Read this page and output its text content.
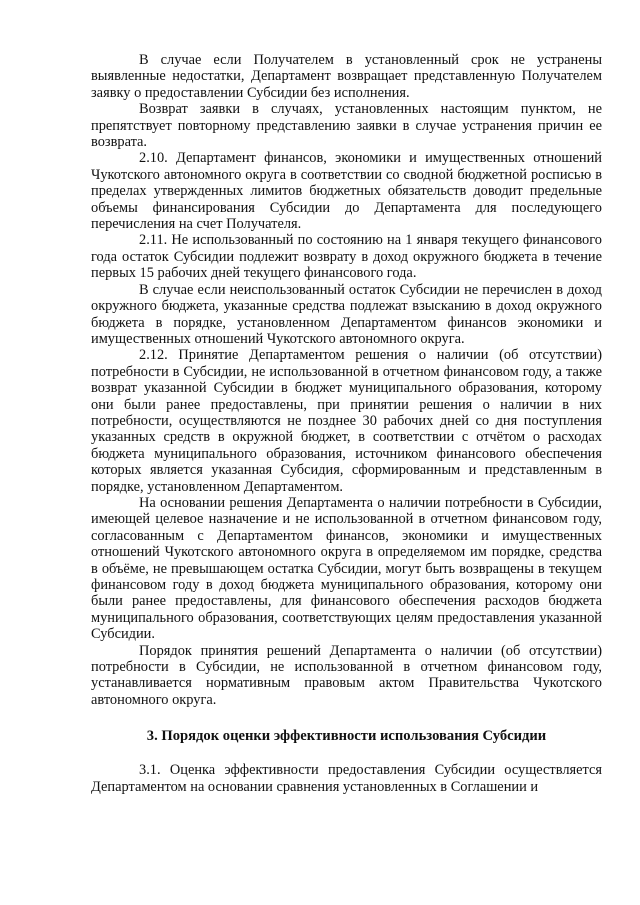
В случае если Получателем в установленный срок не устранены выявленные недостатки, Департамент возвращает представленную Получателем заявку о предоставлении Субсидии без исполнения.

Возврат заявки в случаях, установленных настоящим пунктом, не препятствует повторному представлению заявки в случае устранения причин ее возврата.

2.10. Департамент финансов, экономики и имущественных отношений Чукотского автономного округа в соответствии со сводной бюджетной росписью в пределах утвержденных лимитов бюджетных обязательств доводит предельные объемы финансирования Субсидии до Департамента для последующего перечисления на счет Получателя.

2.11. Не использованный по состоянию на 1 января текущего финансового года остаток Субсидии подлежит возврату в доход окружного бюджета в течение первых 15 рабочих дней текущего финансового года.

В случае если неиспользованный остаток Субсидии не перечислен в доход окружного бюджета, указанные средства подлежат взысканию в доход окружного бюджета в порядке, установленном Департаментом финансов экономики и имущественных отношений Чукотского автономного округа.

2.12. Принятие Департаментом решения о наличии (об отсутствии) потребности в Субсидии, не использованной в отчетном финансовом году, а также возврат указанной Субсидии в бюджет муниципального образования, которому они были ранее предоставлены, при принятии решения о наличии в них потребности, осуществляются не позднее 30 рабочих дней со дня поступления указанных средств в окружной бюджет, в соответствии с отчётом о расходах бюджета муниципального образования, источником финансового обеспечения которых является указанная Субсидия, сформированным и представленным в порядке, установленном Департаментом.

На основании решения Департамента о наличии потребности в Субсидии, имеющей целевое назначение и не использованной в отчетном финансовом году, согласованным с Департаментом финансов, экономики и имущественных отношений Чукотского автономного округа в определяемом им порядке, средства в объёме, не превышающем остатка Субсидии, могут быть возвращены в текущем финансовом году в доход бюджета муниципального образования, которому они были ранее предоставлены, для финансового обеспечения расходов бюджета муниципального образования, соответствующих целям предоставления указанной Субсидии.

Порядок принятия решений Департамента о наличии (об отсутствии) потребности в Субсидии, не использованной в отчетном финансовом году, устанавливается нормативным правовым актом Правительства Чукотского автономного округа.

3. Порядок оценки эффективности использования Субсидии

3.1. Оценка эффективности предоставления Субсидии осуществляется Департаментом на основании сравнения установленных в Соглашении и
